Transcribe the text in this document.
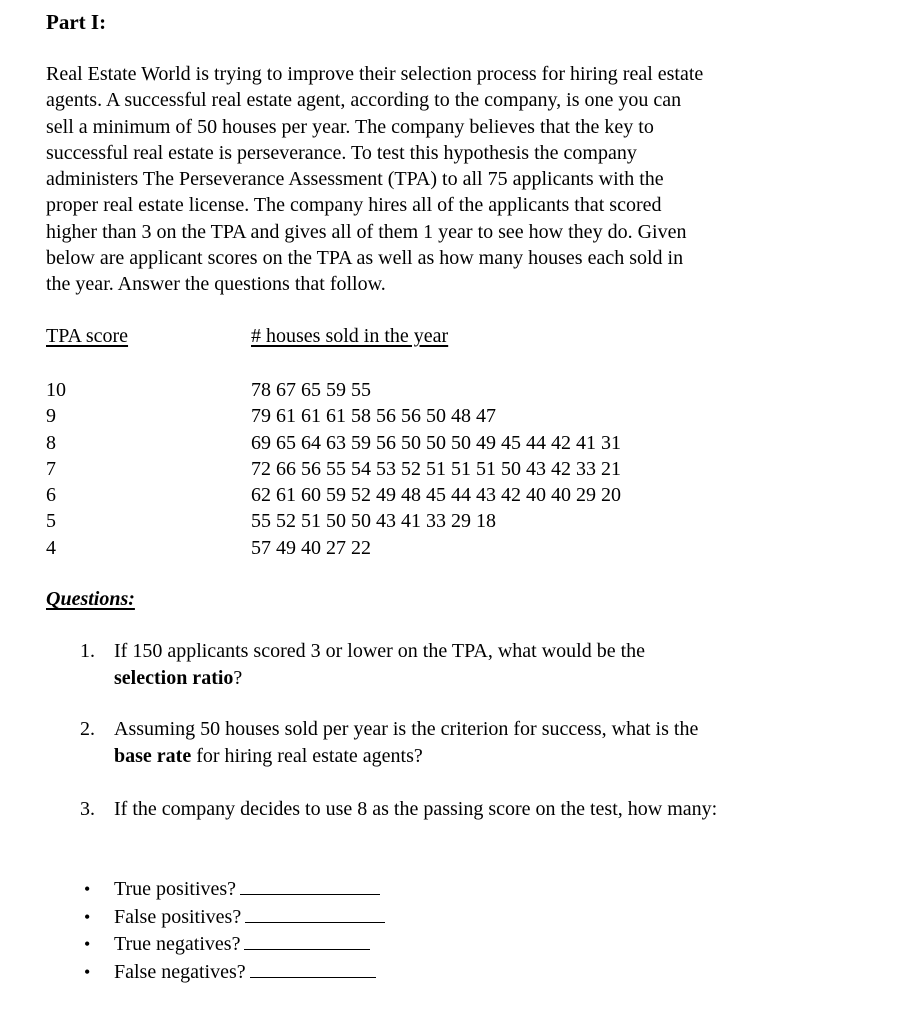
Part I:

Real Estate World is trying to improve their selection process for hiring real estate
agents. A successful real estate agent, according to the company, is one you can
sell a minimum of 50 houses per year. The company believes that the key to
successful real estate is perseverance. To test this hypothesis the company
administers The Perseverance Assessment (TPA) to all 75 applicants with the
proper real estate license. The company hires all of the applicants that scored
higher than 3 on the TPA and gives all of them 1 year to see how they do. Given
below are applicant scores on the TPA as well as how many houses each sold in
the year. Answer the questions that follow.

TPA score	# houses sold in the year
10	78 67 65 59 55
9	79 61 61 61 58 56 56 50 48 47
8	69 65 64 63 59 56 50 50 50 49 45 44 42 41 31
7	72 66 56 55 54 53 52 51 51 51 50 43 42 33 21
6	62 61 60 59 52 49 48 45 44 43 42 40 40 29 20
5	55 52 51 50 50 43 41 33 29 18
4	57 49 40 27 22
Questions:
1. If 150 applicants scored 3 or lower on the TPA, what would be the
selection ratio?
2. Assuming 50 houses sold per year is the criterion for success, what is the
base rate for hiring real estate agents?
3. If the company decides to use 8 as the passing score on the test, how many:
• True positives?
• False positives?
• True negatives?
• False negatives?
